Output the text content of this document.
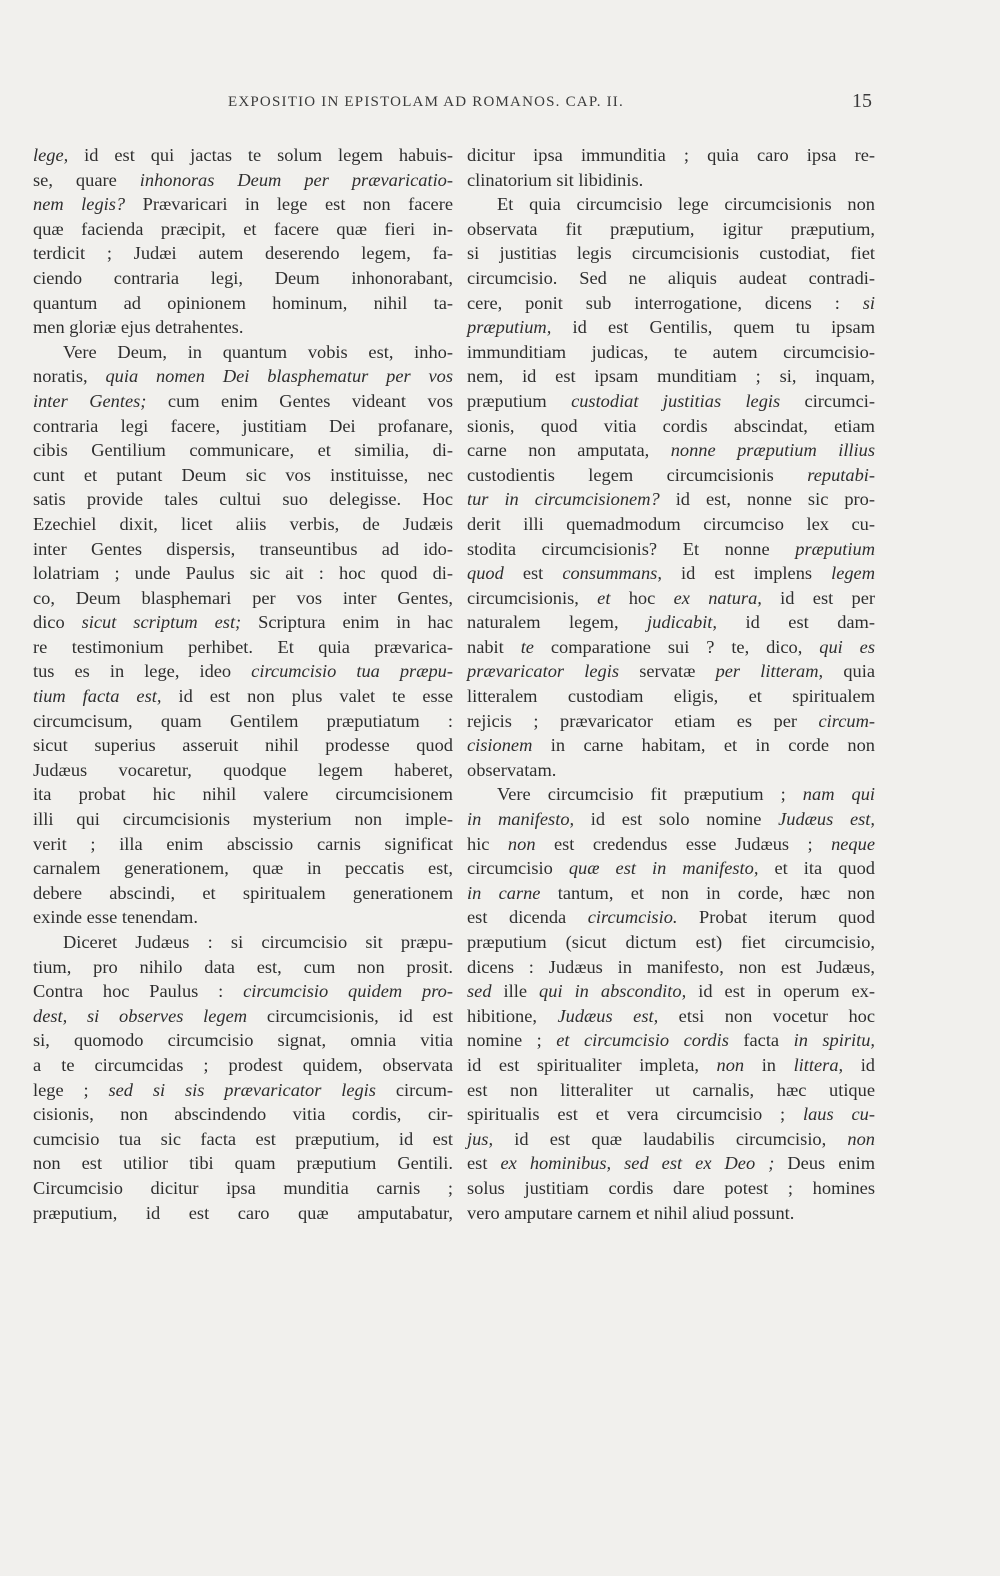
EXPOSITIO IN EPISTOLAM AD ROMANOS. CAP. II.	15
lege, id est qui jactas te solum legem habuis-
se, quare inhonoras Deum per prævaricatio-
nem legis? Prævaricari in lege est non facere
quæ facienda præcipit, et facere quæ fieri in-
terdicit ; Judæi autem deserendo legem, fa-
ciendo contraria legi, Deum inhonorabant,
quantum ad opinionem hominum, nihil ta-
men gloriæ ejus detrahentes.
Vere Deum, in quantum vobis est, inho-
noratis, quia nomen Dei blasphematur per vos
inter Gentes; cum enim Gentes videant vos
contraria legi facere, justitiam Dei profanare,
cibis Gentilium communicare, et similia, di-
cunt et putant Deum sic vos instituisse, nec
satis provide tales cultui suo delegisse. Hoc
Ezechiel dixit, licet aliis verbis, de Judæis
inter Gentes dispersis, transeuntibus ad ido-
lolatriam ; unde Paulus sic ait : hoc quod di-
co, Deum blasphemari per vos inter Gentes,
dico sicut scriptum est; Scriptura enim in hac
re testimonium perhibet. Et quia prævarica-
tus es in lege, ideo circumcisio tua præpu-
tium facta est, id est non plus valet te esse
circumcisum, quam Gentilem præputiatum :
sicut superius asseruit nihil prodesse quod
Judæus vocaretur, quodque legem haberet,
ita probat hic nihil valere circumcisionem
illi qui circumcisionis mysterium non imple-
verit ; illa enim abscissio carnis significat
carnalem generationem, quæ in peccatis est,
debere abscindi, et spiritualem generationem
exinde esse tenendam.
Diceret Judæus : si circumcisio sit præpu-
tium, pro nihilo data est, cum non prosit.
Contra hoc Paulus : circumcisio quidem pro-
dest, si observes legem circumcisionis, id est
si, quomodo circumcisio signat, omnia vitia
a te circumcidas ; prodest quidem, observata
lege ; sed si sis prævaricator legis circum-
cisionis, non abscindendo vitia cordis, cir-
cumcisio tua sic facta est præputium, id est
non est utilior tibi quam præputium Gentili.
Circumcisio dicitur ipsa munditia carnis ;
præputium, id est caro quæ amputabatur,
dicitur ipsa immunditia ; quia caro ipsa re-
clinatorium sit libidinis.
Et quia circumcisio lege circumcisionis non
observata fit præputium, igitur præputium,
si justitias legis circumcisionis custodiat, fiet
circumcisio. Sed ne aliquis audeat contradi-
cere, ponit sub interrogatione, dicens : si
præputium, id est Gentilis, quem tu ipsam
immunditiam judicas, te autem circumcisio-
nem, id est ipsam munditiam ; si, inquam,
præputium custodiat justitias legis circumci-
sionis, quod vitia cordis abscindat, etiam
carne non amputata, nonne præputium illius
custodientis legem circumcisionis reputabi-
tur in circumcisionem? id est, nonne sic pro-
derit illi quemadmodum circumciso lex cu-
stodita circumcisionis? Et nonne præputium
quod est consummans, id est implens legem
circumcisionis, et hoc ex natura, id est per
naturalem legem, judicabit, id est dam-
nabit te comparatione sui ? te, dico, qui es
prævaricator legis servatæ per litteram, quia
litteralem custodiam eligis, et spiritualem
rejicis ; prævaricator etiam es per circum-
cisionem in carne habitam, et in corde non
observatam.
Vere circumcisio fit præputium ; nam qui
in manifesto, id est solo nomine Judæus est,
hic non est credendus esse Judæus ; neque
circumcisio quæ est in manifesto, et ita quod
in carne tantum, et non in corde, hæc non
est dicenda circumcisio. Probat iterum quod
præputium (sicut dictum est) fiet circumcisio,
dicens : Judæus in manifesto, non est Judæus,
sed ille qui in abscondito, id est in operum ex-
hibitione, Judæus est, etsi non vocetur hoc
nomine ; et circumcisio cordis facta in spiritu,
id est spiritualiter impleta, non in littera, id
est non litteraliter ut carnalis, hæc utique
spiritualis est et vera circumcisio ; laus cu-
jus, id est quæ laudabilis circumcisio, non
est ex hominibus, sed est ex Deo ; Deus enim
solus justitiam cordis dare potest ; homines
vero amputare carnem et nihil aliud possunt.
